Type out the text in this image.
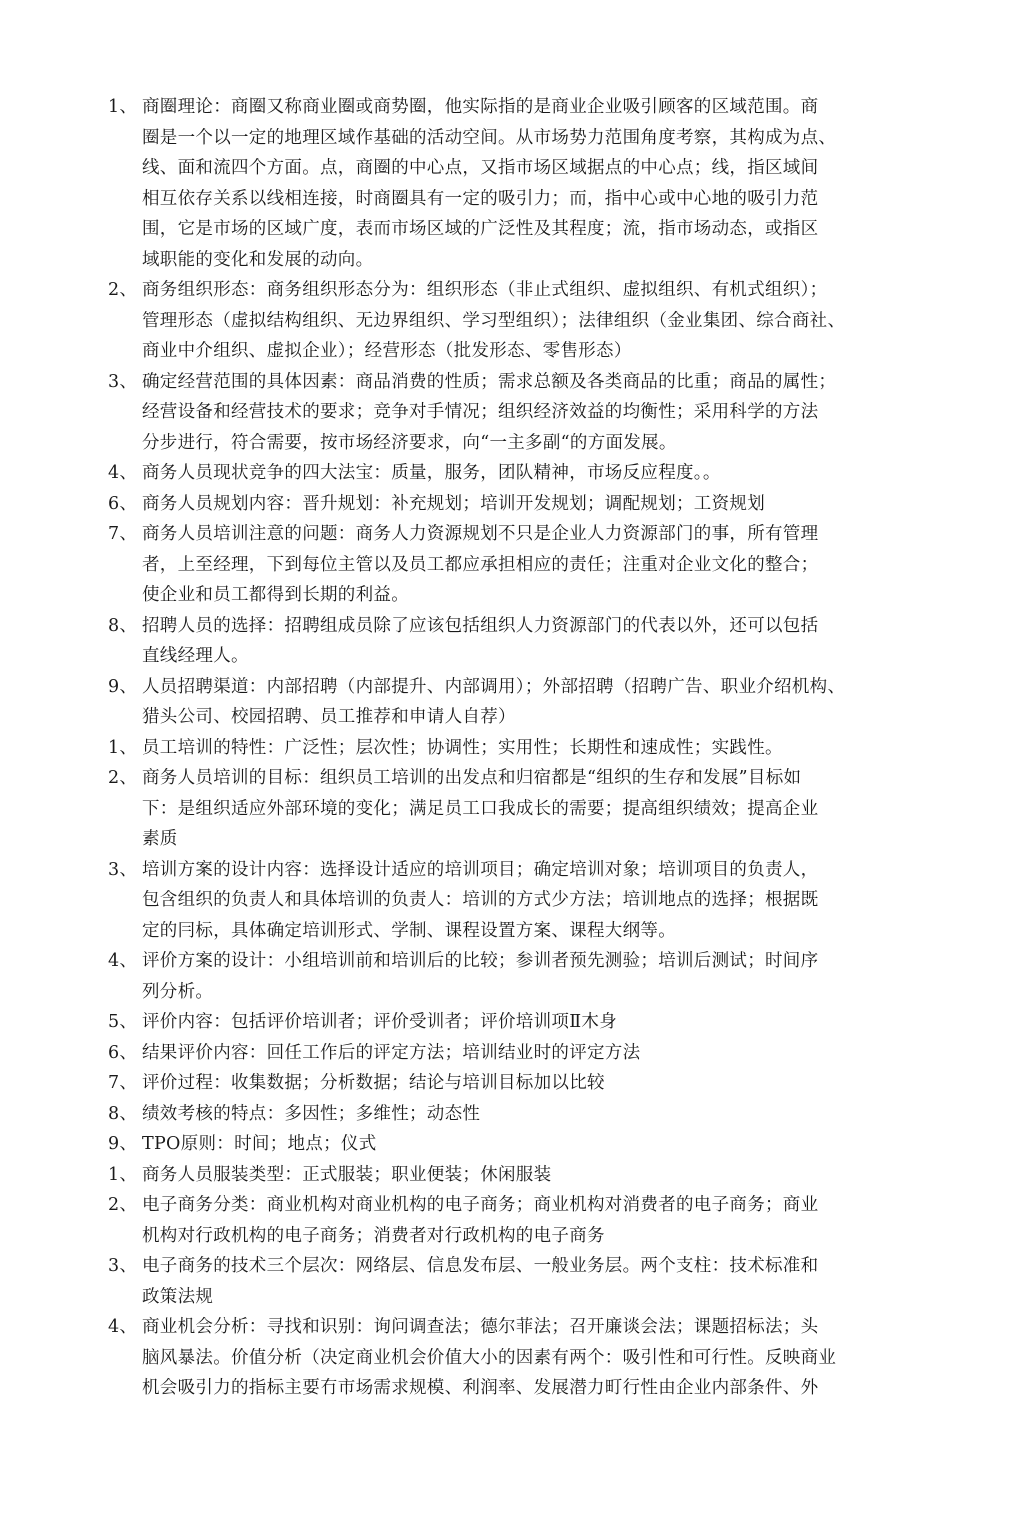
1、 商圈理论：商圈又称商业圈或商势圈，他实际指的是商业企业吸引顾客的区域范围。商
圈是一个以一定的地理区域作基础的活动空间。从市场势力范围角度考察，其构成为点、
线、面和流四个方面。点，商圈的中心点，又指市场区域据点的中心点；线，指区域间
相互依存关系以线相连接，时商圈具有一定的吸引力；而，指中心或中心地的吸引力范
围，它是市场的区域广度，表而市场区域的广泛性及其程度；流，指市场动态，或指区
域职能的变化和发展的动向。
2、 商务组织形态：商务组织形态分为：组织形态（非止式组织、虚拟组织、有机式组织）；
管理形态（虚拟结构组织、无边界组织、学习型组织）；法律组织（金业集团、综合商社、
商业中介组织、虚拟企业）；经营形态（批发形态、零售形态）
3、 确定经营范围的具体因素：商品消费的性质；需求总额及各类商品的比重；商品的属性；
经营设备和经营技术的要求；竞争对手情况；组织经济效益的均衡性；采用科学的方法
分步进行，符合需要，按市场经济要求，向“一主多副“的方面发展。
4、 商务人员现状竞争的四大法宝：质量，服务，团队精神，市场反应程度。。
6、 商务人员规划内容：晋升规划：补充规划；培训开发规划；调配规划；工资规划
7、 商务人员培训注意的问题：商务人力资源规划不只是企业人力资源部门的事，所有管理
者，上至经理，下到每位主管以及员工都应承担相应的责任；注重对企业文化的整合；
使企业和员工都得到长期的利益。
8、 招聘人员的选择：招聘组成员除了应该包括组织人力资源部门的代表以外，还可以包括
直线经理人。
9、 人员招聘渠道：内部招聘（内部提升、内部调用）；外部招聘（招聘广告、职业介绍机构、
猎头公司、校园招聘、员工推荐和申请人自荐）
1、 员工培训的特性：广泛性；层次性；协调性；实用性；长期性和速成性；实践性。
2、 商务人员培训的目标：组织员工培训的出发点和归宿都是“组织的生存和发展”目标如
下：是组织适应外部环境的变化；满足员工口我成长的需要；提高组织绩效；提高企业
素质
3、 培训方案的设计内容：选择设计适应的培训项目；确定培训对象；培训项目的负责人，
包含组织的负责人和具体培训的负责人：培训的方式少方法；培训地点的选择；根据既
定的冃标，具体确定培训形式、学制、课程设置方案、课程大纲等。
4、 评价方案的设计：小组培训前和培训后的比较；参训者预先测验；培训后测试；时间序
列分析。
5、 评价内容：包括评价培训者；评价受训者；评价培训项Ⅱ木身
6、 结果评价内容：回任工作后的评定方法；培训结业时的评定方法
7、 评价过程：收集数据；分析数据；结论与培训目标加以比较
8、 绩效考核的特点：多因性；多维性；动态性
9、 TPO原则：时间；地点；仪式
1、 商务人员服装类型：正式服装；职业便装；休闲服装
2、 电子商务分类：商业机构对商业机构的电子商务；商业机构对消费者的电子商务；商业
机构对行政机构的电子商务；消费者对行政机构的电子商务
3、 电子商务的技术三个层次：网络层、信息发布层、一般业务层。两个支柱：技术标准和
政策法规
4、 商业机会分析：寻找和识别：询问调查法；德尔菲法；召开廉谈会法；课题招标法；头
脑风暴法。价值分析（决定商业机会价值大小的因素有两个：吸引性和可行性。反映商业
机会吸引力的指标主要冇市场需求规模、利润率、发展潜力町行性由企业内部条件、外
